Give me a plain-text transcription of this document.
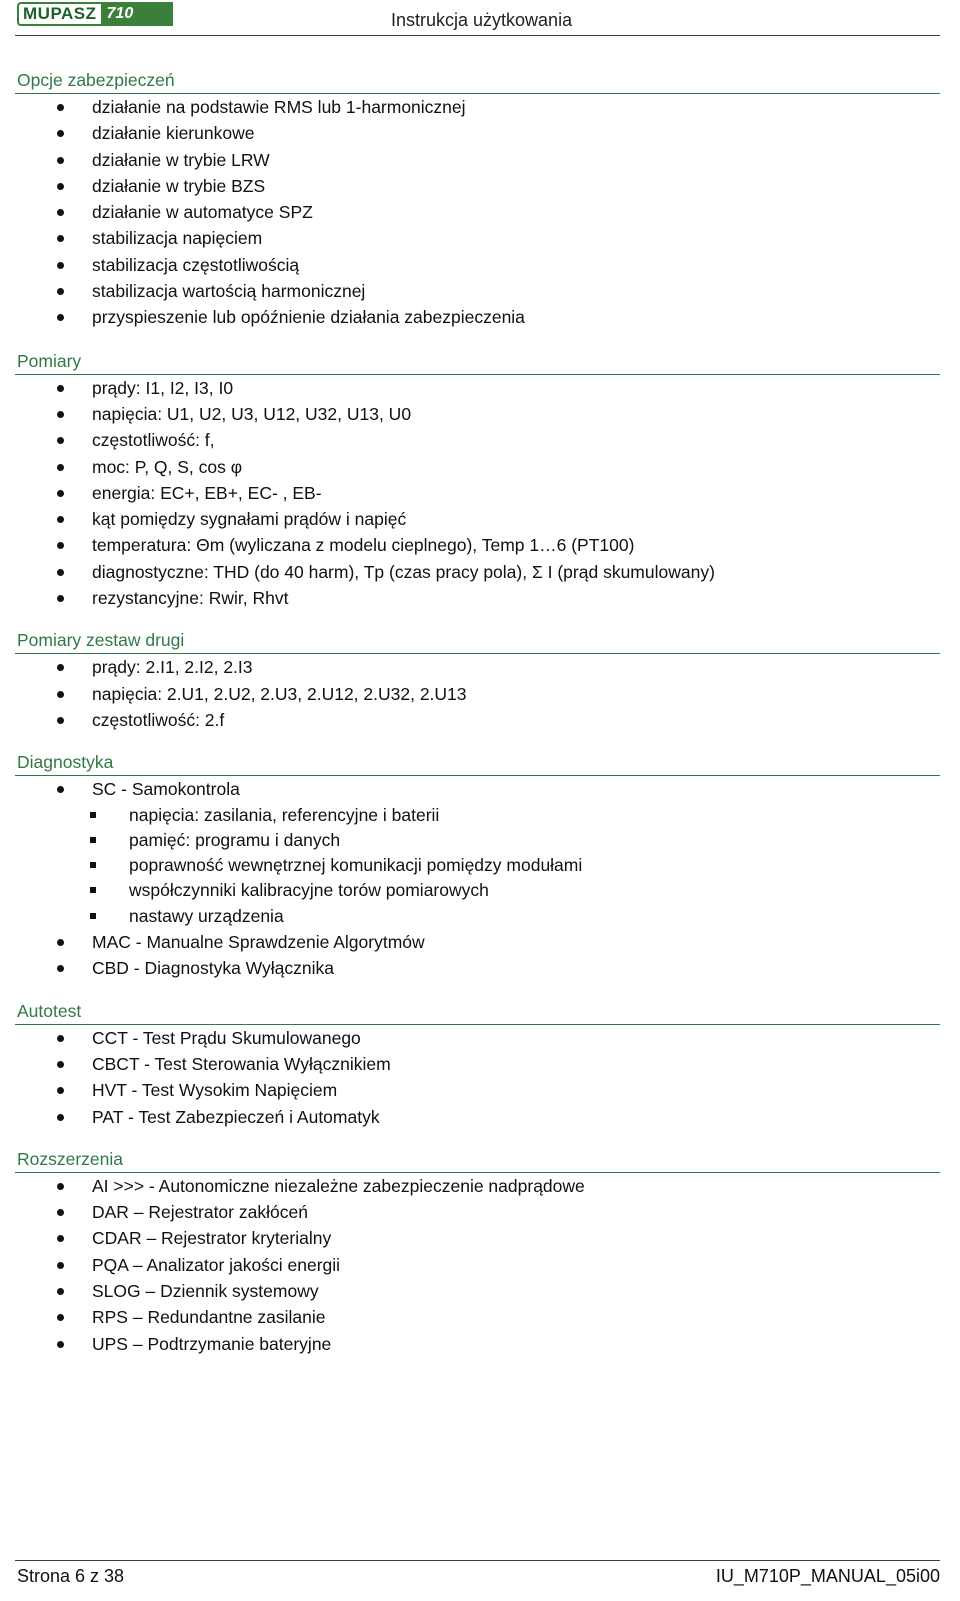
MUPASZ 710 plus
Instrukcja użytkowania
Opcje zabezpieczeń
działanie na podstawie RMS lub 1-harmonicznej
działanie kierunkowe
działanie w trybie LRW
działanie w trybie BZS
działanie w automatyce SPZ
stabilizacja napięciem
stabilizacja częstotliwością
stabilizacja wartością harmonicznej
przyspieszenie lub opóźnienie działania zabezpieczenia
Pomiary
prądy: I1, I2, I3, I0
napięcia: U1, U2, U3, U12, U32, U13, U0
częstotliwość: f,
moc: P, Q, S, cos φ
energia: EC+, EB+, EC- , EB-
kąt pomiędzy sygnałami prądów i napięć
temperatura: Θm (wyliczana z modelu cieplnego), Temp 1…6 (PT100)
diagnostyczne: THD (do 40 harm), Tp (czas pracy pola), Σ I (prąd skumulowany)
rezystancyjne: Rwir, Rhvt
Pomiary zestaw drugi
prądy: 2.I1, 2.I2, 2.I3
napięcia: 2.U1, 2.U2, 2.U3, 2.U12, 2.U32, 2.U13
częstotliwość: 2.f
Diagnostyka
SC - Samokontrola
napięcia: zasilania, referencyjne i baterii
pamięć: programu i danych
poprawność wewnętrznej komunikacji pomiędzy modułami
współczynniki kalibracyjne torów pomiarowych
nastawy urządzenia
MAC - Manualne Sprawdzenie Algorytmów
CBD - Diagnostyka Wyłącznika
Autotest
CCT - Test Prądu Skumulowanego
CBCT - Test Sterowania Wyłącznikiem
HVT - Test Wysokim Napięciem
PAT - Test Zabezpieczeń i Automatyk
Rozszerzenia
AI >>> - Autonomiczne niezależne zabezpieczenie nadprądowe
DAR – Rejestrator zakłóceń
CDAR – Rejestrator kryterialny
PQA – Analizator jakości energii
SLOG – Dziennik systemowy
RPS – Redundantne zasilanie
UPS – Podtrzymanie bateryjne
Strona 6 z 38	IU_M710P_MANUAL_05i00
